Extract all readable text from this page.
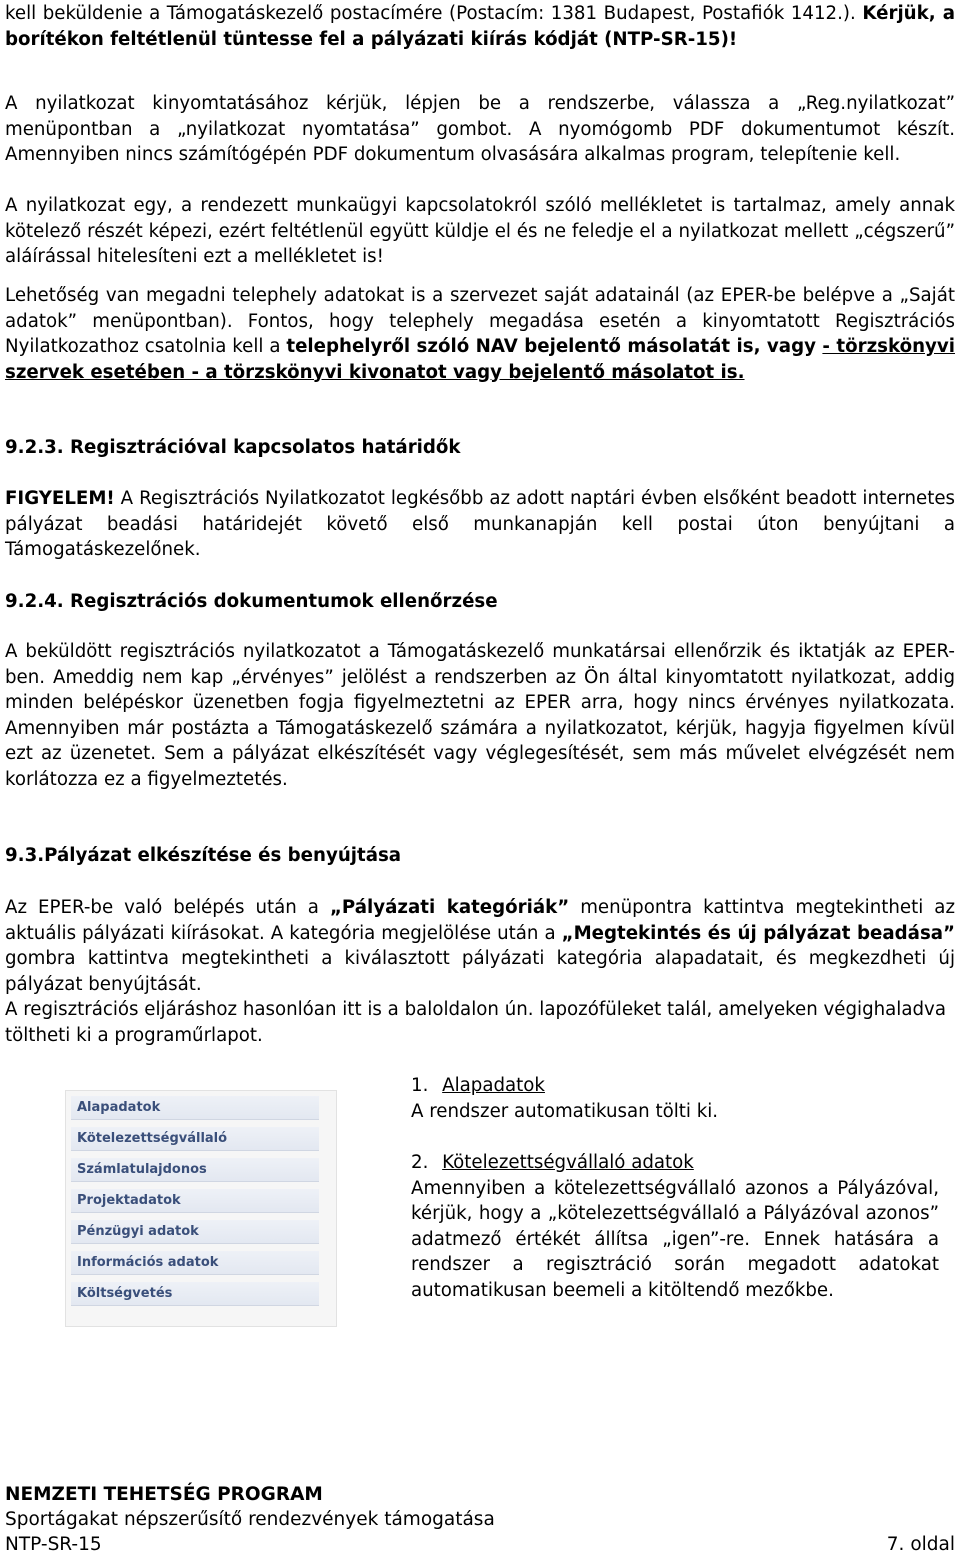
kell beküldenie a Támogatáskezelő postacímére (Postacím: 1381 Budapest, Postafiók 1412.). Kérjük, a borítékon feltétlenül tüntesse fel a pályázati kiírás kódját (NTP-SR-15)!
A nyilatkozat kinyomtatásához kérjük, lépjen be a rendszerbe, válassza a „Reg.nyilatkozat” menüpontban a „nyilatkozat nyomtatása” gombot. A nyomógomb PDF dokumentumot készít. Amennyiben nincs számítógépén PDF dokumentum olvasására alkalmas program, telepítenie kell.
A nyilatkozat egy, a rendezett munkaügyi kapcsolatokról szóló mellékletet is tartalmaz, amely annak kötelező részét képezi, ezért feltétlenül együtt küldje el és ne feledje el a nyilatkozat mellett „cégszerű” aláírással hitelesíteni ezt a mellékletet is!
Lehetőség van megadni telephely adatokat is a szervezet saját adatainál (az EPER-be belépve a „Saját adatok” menüpontban). Fontos, hogy telephely megadása esetén a kinyomtatott Regisztrációs Nyilatkozathoz csatolnia kell a telephelyről szóló NAV bejelentő másolatát is, vagy - törzskönyvi szervek esetében - a törzskönyvi kivonatot vagy bejelentő másolatot is.
9.2.3. Regisztrációval kapcsolatos határidők
FIGYELEM! A Regisztrációs Nyilatkozatot legkésőbb az adott naptári évben elsőként beadott internetes pályázat beadási határidejét követő első munkanapján kell postai úton benyújtani a Támogatáskezelőnek.
9.2.4. Regisztrációs dokumentumok ellenőrzése
A beküldött regisztrációs nyilatkozatot a Támogatáskezelő munkatársai ellenőrzik és iktatják az EPER-ben. Ameddig nem kap „érvényes” jelölést a rendszerben az Ön által kinyomtatott nyilatkozat, addig minden belépéskor üzenetben fogja figyelmeztetni az EPER arra, hogy nincs érvényes nyilatkozata. Amennyiben már postázta a Támogatáskezelő számára a nyilatkozatot, kérjük, hagyja figyelmen kívül ezt az üzenetet. Sem a pályázat elkészítését vagy véglegesítését, sem más művelet elvégzését nem korlátozza ez a figyelmeztetés.
9.3.Pályázat elkészítése és benyújtása
Az EPER-be való belépés után a „Pályázati kategóriák” menüpontra kattintva megtekintheti az aktuális pályázati kiírásokat. A kategória megjelölése után a „Megtekintés és új pályázat beadása” gombra kattintva megtekintheti a kiválasztott pályázati kategória alapadatait, és megkezdheti új pályázat benyújtását.
A regisztrációs eljáráshoz hasonlóan itt is a baloldalon ún. lapozófüleket talál, amelyeken végighaladva töltheti ki a programűrlapot.
Alapadatok
Kötelezettségvállaló
Számlatulajdonos
Projektadatok
Pénzügyi adatok
Információs adatok
Költségvetés
1. Alapadatok
A rendszer automatikusan tölti ki.
2. Kötelezettségvállaló adatok
Amennyiben a kötelezettségvállaló azonos a Pályázóval, kérjük, hogy a „kötelezettségvállaló a Pályázóval azonos” adatmező értékét állítsa „igen”-re. Ennek hatására a rendszer a regisztráció során megadott adatokat automatikusan beemeli a kitöltendő mezőkbe.
NEMZETI TEHETSÉG PROGRAM
Sportágakat népszerűsítő rendezvények támogatása
NTP-SR-15	7. oldal
